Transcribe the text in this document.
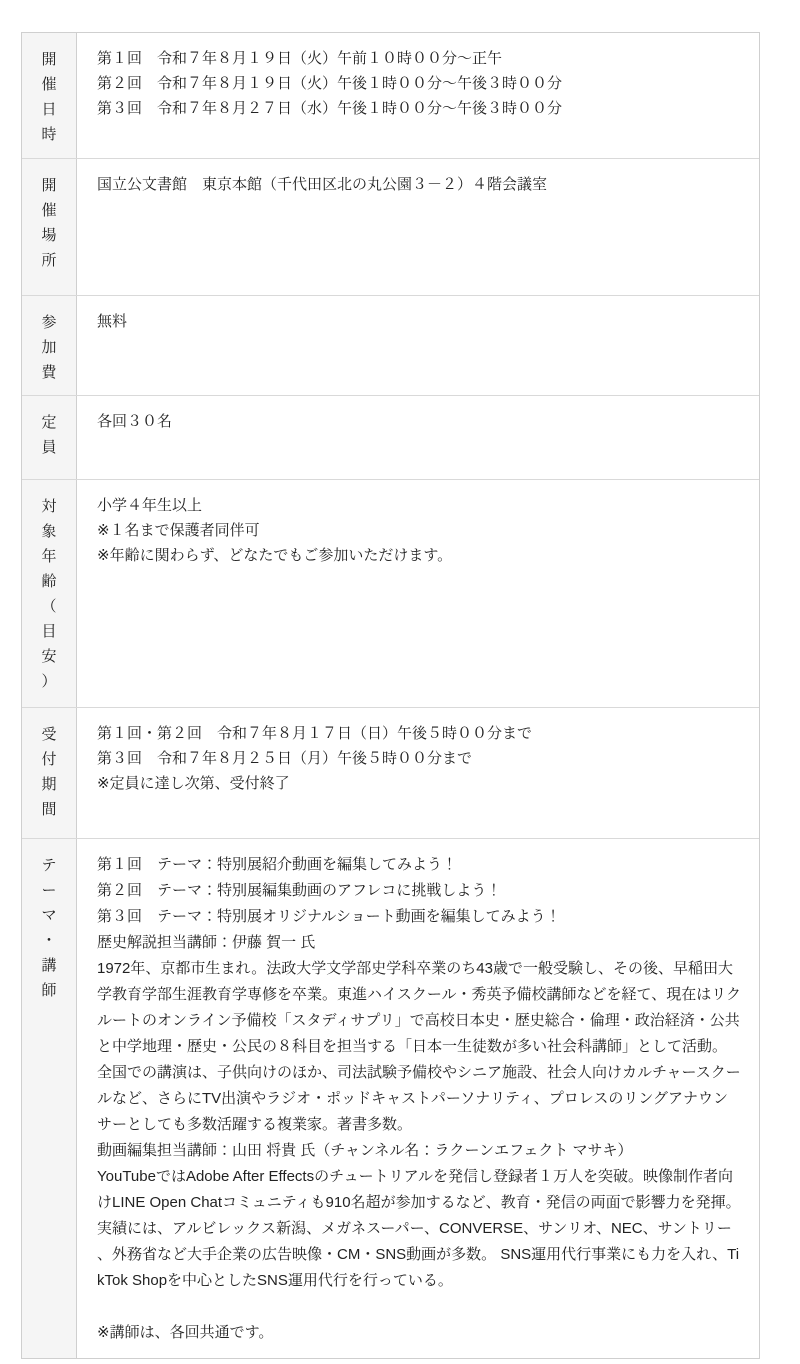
開催日時
第１回　令和７年８月１９日（火）午前１０時００分～正午
第２回　令和７年８月１９日（火）午後１時００分～午後３時００分
第３回　令和７年８月２７日（水）午後１時００分～午後３時００分
開催場所
国立公文書館　東京本館（千代田区北の丸公園３－２）４階会議室
参加費
無料
定員
各回３０名
対象年齢（目安）
小学４年生以上
※１名まで保護者同伴可
※年齢に関わらず、どなたでもご参加いただけます。
受付期間
第１回・第２回　令和７年８月１７日（日）午後５時００分まで
第３回　令和７年８月２５日（月）午後５時００分まで
※定員に達し次第、受付終了
テーマ・講師
第１回　テーマ：特別展紹介動画を編集してみよう！
第２回　テーマ：特別展編集動画のアフレコに挑戦しよう！
第３回　テーマ：特別展オリジナルショート動画を編集してみよう！
歴史解説担当講師：伊藤 賀一 氏
1972年、京都市生まれ。法政大学文学部史学科卒業のち43歳で一般受験し、その後、早稲田大学教育学部生涯教育学専修を卒業。東進ハイスクール・秀英予備校講師などを経て、現在はリクルートのオンライン予備校「スタディサプリ」で高校日本史・歴史総合・倫理・政治経済・公共と中学地理・歴史・公民の８科目を担当する「日本一生徒数が多い社会科講師」として活動。全国での講演は、子供向けのほか、司法試験予備校やシニア施設、社会人向けカルチャースクールなど、さらにTV出演やラジオ・ポッドキャストパーソナリティ、プロレスのリングアナウンサーとしても多数活躍する複業家。著書多数。
動画編集担当講師：山田 将貴 氏（チャンネル名：ラクーンエフェクト マサキ）
YouTubeではAdobe After Effectsのチュートリアルを発信し登録者１万人を突破。映像制作者向けLINE Open Chatコミュニティも910名超が参加するなど、教育・発信の両面で影響力を発揮。 実績には、アルビレックス新潟、メガネスーパー、CONVERSE、サンリオ、NEC、サントリー、外務省など大手企業の広告映像・CM・SNS動画が多数。 SNS運用代行事業にも力を入れ、TikTok Shopを中心としたSNS運用代行を行っている。
※講師は、各回共通です。
